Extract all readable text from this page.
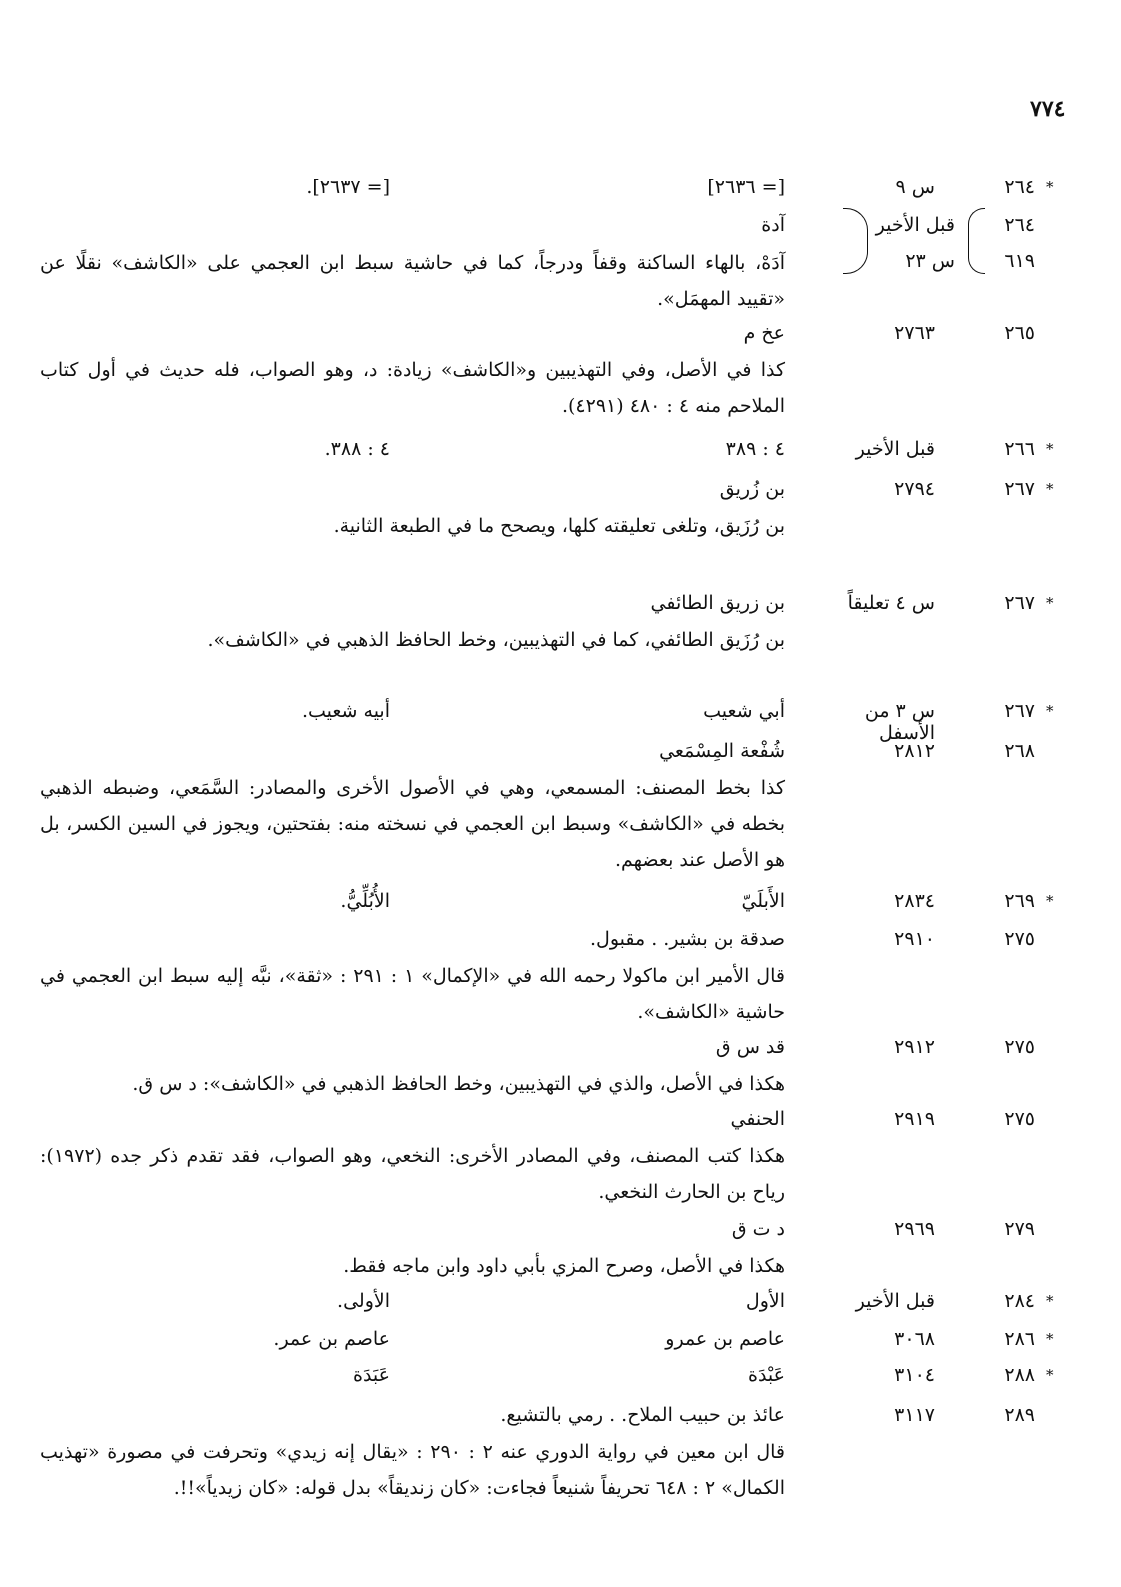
٧٧٤
*
٢٦٤
س ٩
[= ٢٦٣٦]
[= ٢٦٣٧].
٢٦٤
قبل الأخير
آدة
٦١٩
س ٢٣
آدَهْ، بالهاء الساكنة وقفاً ودرجاً، كما في حاشية سبط ابن العجمي على «الكاشف» نقلًا عن «تقييد المهمَل».
٢٦٥
٢٧٦٣
عخ م
كذا في الأصل، وفي التهذيبين و«الكاشف» زيادة: د، وهو الصواب، فله حديث في أول كتاب الملاحم منه ٤ : ٤٨٠ (٤٢٩١).
*
٢٦٦
قبل الأخير
٤ : ٣٨٩
٤ : ٣٨٨.
*
٢٦٧
٢٧٩٤
بن زُريق
بن رُزَيق، وتلغى تعليقته كلها، ويصحح ما في الطبعة الثانية.
*
٢٦٧
س ٤ تعليقاً
بن زريق الطائفي
بن رُزَيق الطائفي، كما في التهذيبين، وخط الحافظ الذهبي في «الكاشف».
*
٢٦٧
س ٣ من الأسفل
أبي شعيب
أبيه شعيب.
٢٦٨
٢٨١٢
شُفْعة المِسْمَعي
كذا بخط المصنف: المسمعي، وهي في الأصول الأخرى والمصادر: السَّمَعي، وضبطه الذهبي بخطه في «الكاشف» وسبط ابن العجمي في نسخته منه: بفتحتين، ويجوز في السين الكسر، بل هو الأصل عند بعضهم.
*
٢٦٩
٢٨٣٤
الأَبلَيّ
الأُبُلِّيُّ.
٢٧٥
٢٩١٠
صدقة بن بشير. . مقبول.
قال الأمير ابن ماكولا رحمه الله في «الإكمال» ١ : ٢٩١ : «ثقة»، نبَّه إليه سبط ابن العجمي في حاشية «الكاشف».
٢٧٥
٢٩١٢
قد س ق
هكذا في الأصل، والذي في التهذيبين، وخط الحافظ الذهبي في «الكاشف»: د س ق.
٢٧٥
٢٩١٩
الحنفي
هكذا كتب المصنف، وفي المصادر الأخرى: النخعي، وهو الصواب، فقد تقدم ذكر جده (١٩٧٢): رياح بن الحارث النخعي.
٢٧٩
٢٩٦٩
د ت ق
هكذا في الأصل، وصرح المزي بأبي داود وابن ماجه فقط.
*
٢٨٤
قبل الأخير
الأول
الأولى.
*
٢٨٦
٣٠٦٨
عاصم بن عمرو
عاصم بن عمر.
*
٢٨٨
٣١٠٤
عَبْدَة
عَبَدَة
٢٨٩
٣١١٧
عائذ بن حبيب الملاح. . رمي بالتشيع.
قال ابن معين في رواية الدوري عنه ٢ : ٢٩٠ : «يقال إنه زيدي» وتحرفت في مصورة «تهذيب الكمال» ٢ : ٦٤٨ تحريفاً شنيعاً فجاءت: «كان زنديقاً» بدل قوله: «كان زيدياً»!!.
